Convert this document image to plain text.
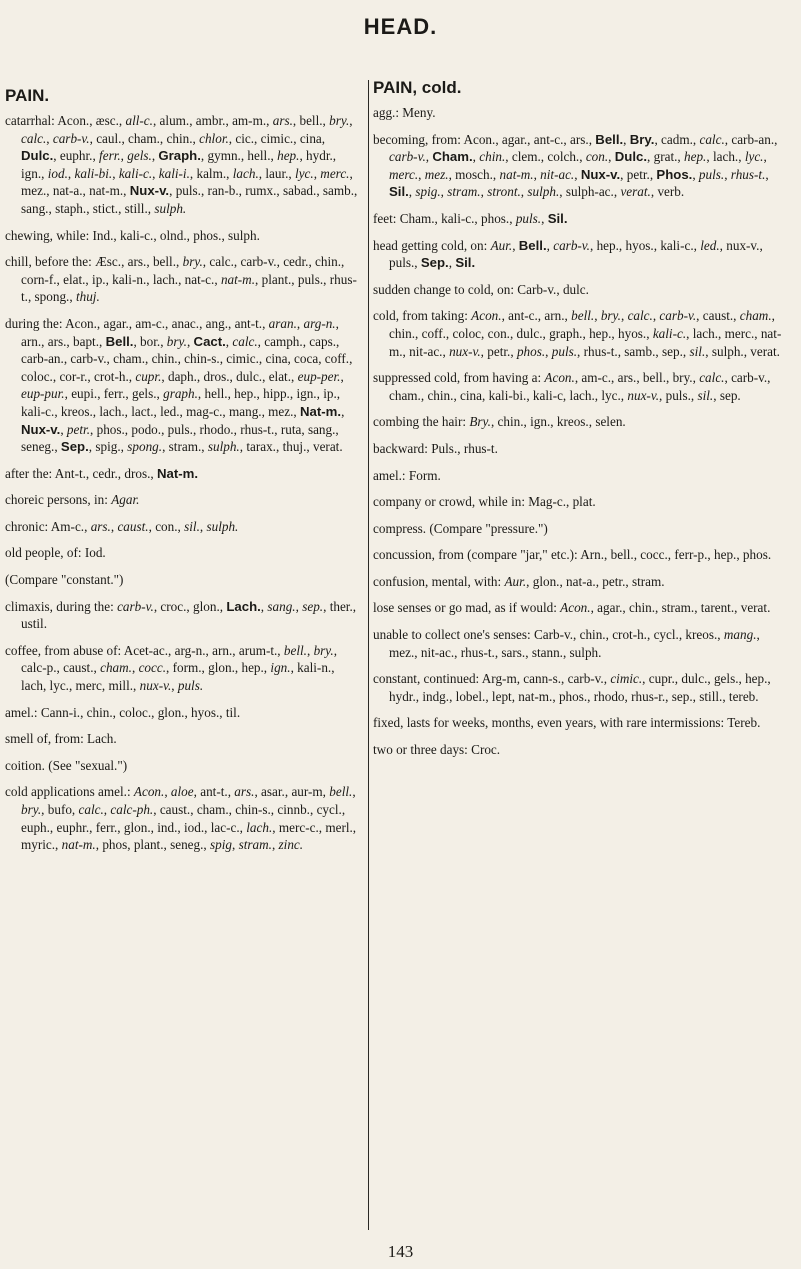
HEAD.
PAIN.	PAIN, cold.
catarrhal: Acon., æsc., all-c., alum., ambr., am-m., ars., bell., bry., calc., carb-v., caul., cham., chin., chlor., cic., cimic., cina, Dulc., euphr., ferr., gels., Graph., gymn., hell., hep., hydr., ign., iod., kali-bi., kali-c., kali-i., kalm., lach., laur., lyc., merc., mez., nat-a., nat-m., Nux-v., puls., ran-b., rumx., sabad., samb., sang., staph., stict., still., sulph.
chewing, while: Ind., kali-c., olnd., phos., sulph.
chill, before the: Æsc., ars., bell., bry., calc., carb-v., cedr., chin., corn-f., elat., ip., kali-n., lach., nat-c., nat-m., plant., puls., rhus-t., spong., thuj.
during the: Acon., agar., am-c., anac., ang., ant-t., aran., arg-n., arn., ars., bapt., Bell., bor., bry., Cact., calc., camph., caps., carb-an., carb-v., cham., chin., chin-s., cimic., cina, coca, coff., coloc., cor-r., crot-h., cupr., daph., dros., dulc., elat., eup-per., eup-pur., eupi., ferr., gels., graph., hell., hep., hipp., ign., ip., kali-c., kreos., lach., lact., led., mag-c., mang., mez., Nat-m., Nux-v., petr., phos., podo., puls., rhodo., rhus-t., ruta, sang., seneg., Sep., spig., spong., stram., sulph., tarax., thuj., verat.
after the: Ant-t., cedr., dros., Nat-m.
choreic persons, in: Agar.
chronic: Am-c., ars., caust., con., sil., sulph.
old people, of: Iod.
(Compare "constant.")
climaxis, during the: carb-v., croc., glon., Lach., sang., sep., ther., ustil.
coffee, from abuse of: Acet-ac., arg-n., arn., arum-t., bell., bry., calc-p., caust., cham., cocc., form., glon., hep., ign., kali-n., lach, lyc., merc, mill., nux-v., puls.
amel.: Cann-i., chin., coloc., glon., hyos., til.
smell of, from: Lach.
coition. (See "sexual.")
cold applications amel.: Acon., aloe, ant-t., ars., asar., aur-m, bell., bry., bufo, calc., calc-ph., caust., cham., chin-s., cinnb., cycl., euph., euphr., ferr., glon., ind., iod., lac-c., lach., merc-c., merl., myric., nat-m., phos, plant., seneg., spig, stram., zinc.
agg.: Meny.
becoming, from: Acon., agar., ant-c., ars., Bell., Bry., cadm., calc., carb-an., carb-v., Cham., chin., clem., colch., con., Dulc., grat., hep., lach., lyc., merc., mez., mosch., nat-m., nit-ac., Nux-v., petr., Phos., puls., rhus-t., Sil., spig., stram., stront., sulph., sulph-ac., verat., verb.
feet: Cham., kali-c., phos., puls., Sil.
head getting cold, on: Aur., Bell., carb-v., hep., hyos., kali-c., led., nux-v., puls., Sep., Sil.
sudden change to cold, on: Carb-v., dulc.
cold, from taking: Acon., ant-c., arn., bell., bry., calc., carb-v., caust., cham., chin., coff., coloc, con., dulc., graph., hep., hyos., kali-c., lach., merc., nat-m., nit-ac., nux-v., petr., phos., puls., rhus-t., samb., sep., sil., sulph., verat.
suppressed cold, from having a: Acon., am-c., ars., bell., bry., calc., carb-v., cham., chin., cina, kali-bi., kali-c, lach., lyc., nux-v., puls., sil., sep.
combing the hair: Bry., chin., ign., kreos., selen.
backward: Puls., rhus-t.
amel.: Form.
company or crowd, while in: Mag-c., plat.
compress. (Compare "pressure.")
concussion, from (compare "jar," etc.): Arn., bell., cocc., ferr-p., hep., phos.
confusion, mental, with: Aur., glon., nat-a., petr., stram.
lose senses or go mad, as if would: Acon., agar., chin., stram., tarent., verat.
unable to collect one's senses: Carb-v., chin., crot-h., cycl., kreos., mang., mez., nit-ac., rhus-t., sars., stann., sulph.
constant, continued: Arg-m, cann-s., carb-v., cimic., cupr., dulc., gels., hep., hydr., indg., lobel., lept, nat-m., phos., rhodo, rhus-r., sep., still., tereb.
fixed, lasts for weeks, months, even years, with rare intermissions: Tereb.
two or three days: Croc.
143
